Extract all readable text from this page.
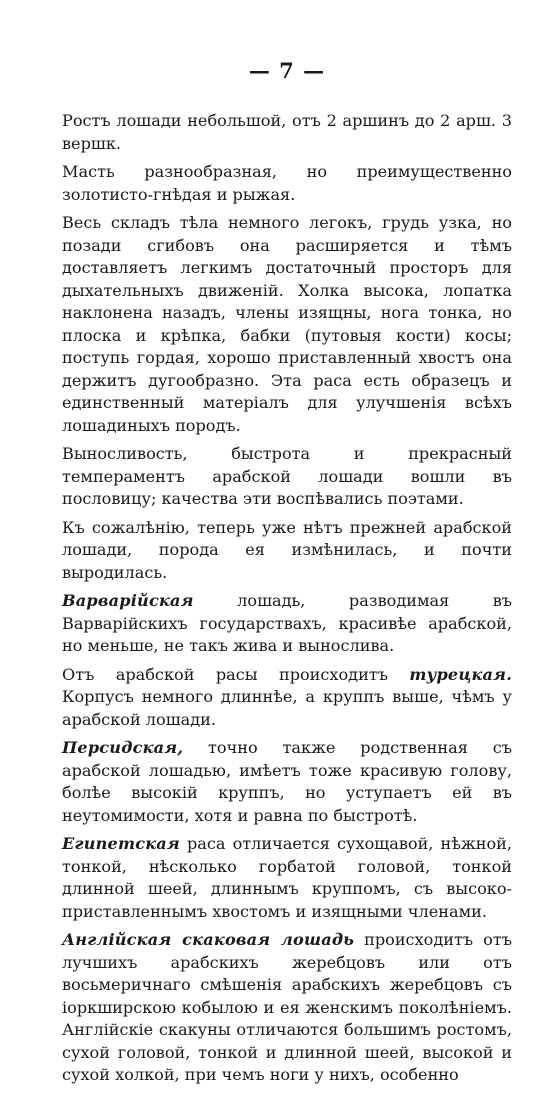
— 7 —

Ростъ лошади небольшой, отъ 2 аршинъ до 2 арш. 3 вершк.

Масть разнообразная, но преимущественно золотисто-гнѣдая и рыжая.

Весь складъ тѣла немного легокъ, грудь узка, но позади сгибовъ она расширяется и тѣмъ доставляетъ легкимъ достаточный просторъ для дыхательныхъ движеній. Холка высока, лопатка наклонена назадъ, члены изящны, нога тонка, но плоска и крѣпка, бабки (путовыя кости) косы; поступь гордая, хорошо приставленный хвостъ она держитъ дугообразно. Эта раса есть образецъ и единственный матеріалъ для улучшенія всѣхъ лошадиныхъ породъ.

Выносливость, быстрота и прекрасный темпераментъ арабской лошади вошли въ пословицу; качества эти воспѣвались поэтами.

Къ сожалѣнію, теперь уже нѣтъ прежней арабской лошади, порода ея измѣнилась, и почти выродилась.

Варварійская лошадь, разводимая въ Варварійскихъ государствахъ, красивѣе арабской, но меньше, не такъ жива и вынослива.

Отъ арабской расы происходитъ турецкая. Корпусъ немного длиннѣе, а круппъ выше, чѣмъ у арабской лошади.

Персидская, точно также родственная съ арабской лошадью, имѣетъ тоже красивую голову, болѣе высокій круппъ, но уступаетъ ей въ неутомимости, хотя и равна по быстротѣ.

Египетская раса отличается сухощавой, нѣжной, тонкой, нѣсколько горбатой головой, тонкой длинной шеей, длиннымъ круппомъ, съ высоко-приставленнымъ хвостомъ и изящными членами.

Англійская скаковая лошадь происходитъ отъ лучшихъ арабскихъ жеребцовъ или отъ восьмеричнаго смѣшенія арабскихъ жеребцовъ съ іоркширскою кобылою и ея женскимъ поколѣніемъ. Англійскіе скакуны отличаются большимъ ростомъ, сухой головой, тонкой и длинной шеей, высокой и сухой холкой, при чемъ ноги у нихъ, особенно
